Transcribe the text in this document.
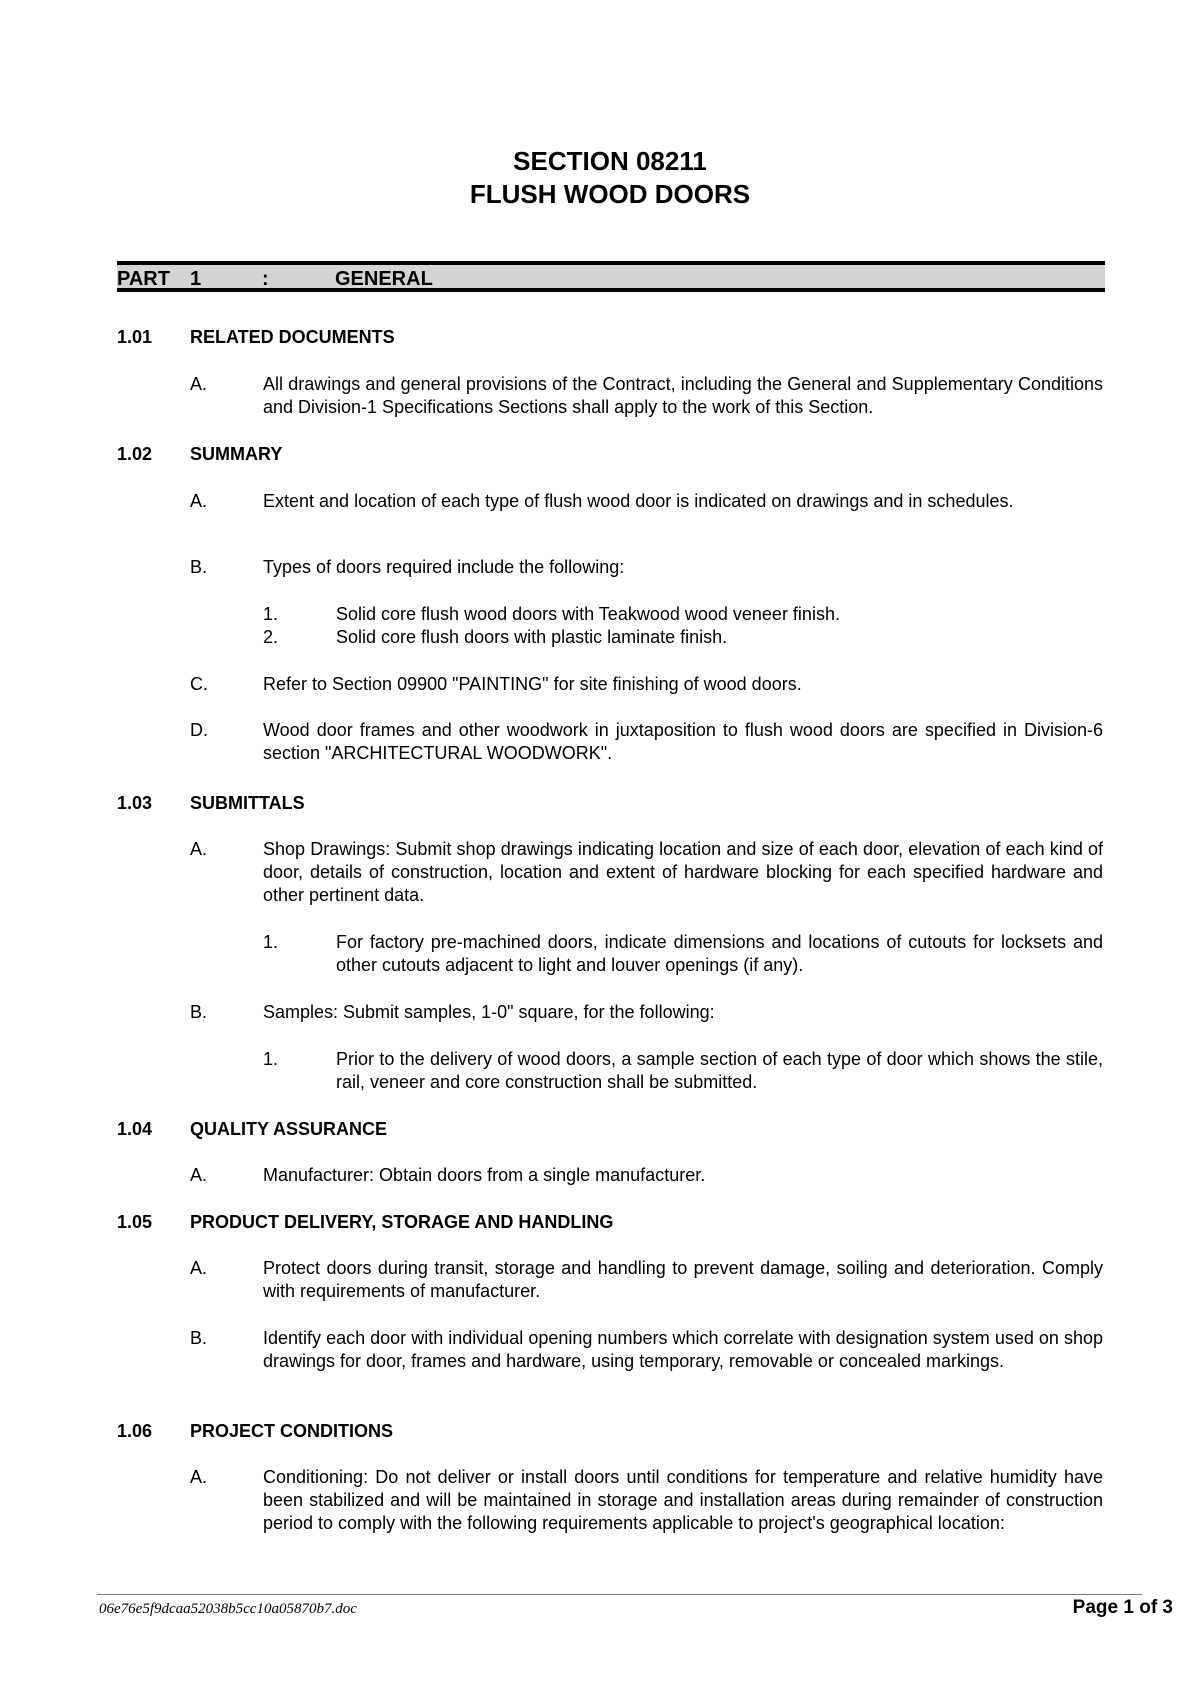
SECTION 08211
FLUSH WOOD DOORS
PART 1	:	GENERAL
1.01 RELATED DOCUMENTS
A.	All drawings and general provisions of the Contract, including the General and Supplementary Conditions and Division-1 Specifications Sections shall apply to the work of this Section.
1.02 SUMMARY
A.	Extent and location of each type of flush wood door is indicated on drawings and in schedules.
B.	Types of doors required include the following:
1.	Solid core flush wood doors with Teakwood wood veneer finish.
2.	Solid core flush doors with plastic laminate finish.
C.	Refer to Section 09900 "PAINTING" for site finishing of wood doors.
D.	Wood door frames and other woodwork in juxtaposition to flush wood doors are specified in Division-6 section "ARCHITECTURAL WOODWORK".
1.03 SUBMITTALS
A.	Shop Drawings: Submit shop drawings indicating location and size of each door, elevation of each kind of door, details of construction, location and extent of hardware blocking for each specified hardware and other pertinent data.
1.	For factory pre-machined doors, indicate dimensions and locations of cutouts for locksets and other cutouts adjacent to light and louver openings (if any).
B.	Samples: Submit samples, 1-0" square, for the following:
1.	Prior to the delivery of wood doors, a sample section of each type of door which shows the stile, rail, veneer and core construction shall be submitted.
1.04 QUALITY ASSURANCE
A.	Manufacturer: Obtain doors from a single manufacturer.
1.05 PRODUCT DELIVERY, STORAGE AND HANDLING
A.	Protect doors during transit, storage and handling to prevent damage, soiling and deterioration. Comply with requirements of manufacturer.
B.	Identify each door with individual opening numbers which correlate with designation system used on shop drawings for door, frames and hardware, using temporary, removable or concealed markings.
1.06 PROJECT CONDITIONS
A.	Conditioning: Do not deliver or install doors until conditions for temperature and relative humidity have been stabilized and will be maintained in storage and installation areas during remainder of construction period to comply with the following requirements applicable to project's geographical location:
06e76e5f9dcaa52038b5cc10a05870b7.doc	Page 1 of 3
